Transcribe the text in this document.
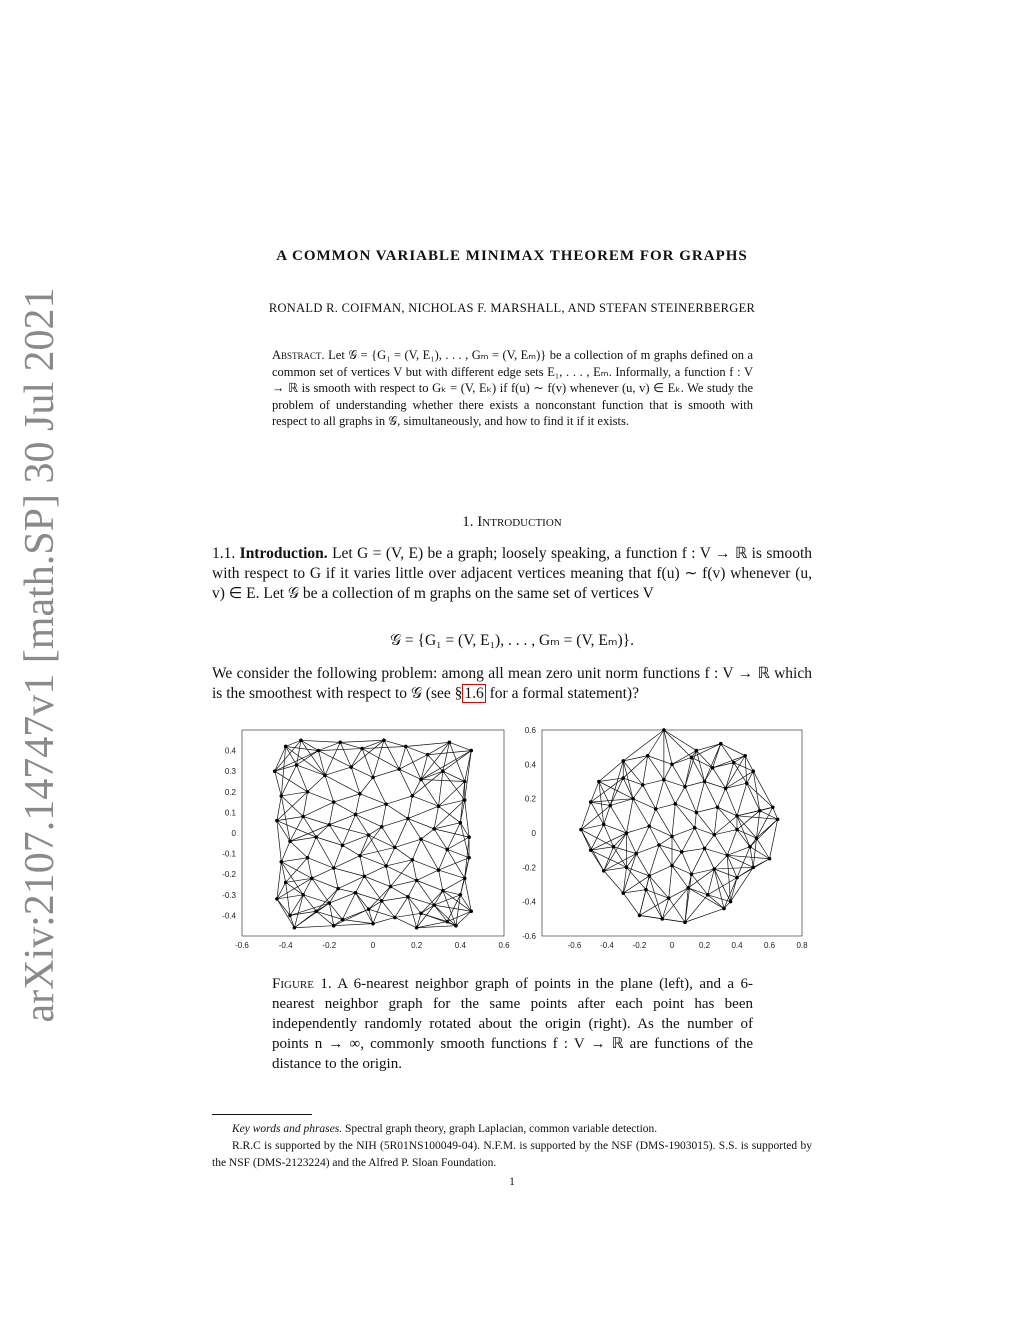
arXiv:2107.14747v1 [math.SP] 30 Jul 2021
A COMMON VARIABLE MINIMAX THEOREM FOR GRAPHS
RONALD R. COIFMAN, NICHOLAS F. MARSHALL, AND STEFAN STEINERBERGER
Abstract. Let 𝒢 = {G₁ = (V, E₁), . . . , Gₘ = (V, Eₘ)} be a collection of m graphs defined on a common set of vertices V but with different edge sets E₁, . . . , Eₘ. Informally, a function f : V → ℝ is smooth with respect to Gₖ = (V, Eₖ) if f(u) ∼ f(v) whenever (u, v) ∈ Eₖ. We study the problem of understanding whether there exists a nonconstant function that is smooth with respect to all graphs in 𝒢, simultaneously, and how to find it if it exists.
1. Introduction
1.1. Introduction. Let G = (V, E) be a graph; loosely speaking, a function f : V → ℝ is smooth with respect to G if it varies little over adjacent vertices meaning that f(u) ∼ f(v) whenever (u, v) ∈ E. Let 𝒢 be a collection of m graphs on the same set of vertices V
𝒢 = {G₁ = (V, E₁), . . . , Gₘ = (V, Eₘ)}.
We consider the following problem: among all mean zero unit norm functions f : V → ℝ which is the smoothest with respect to 𝒢 (see § 1.6 for a formal statement)?
-0.6	-0.4	-0.2	0	0.2	0.4	0.6
0.4
0.3
0.2
0.1
0
-0.1
-0.2
-0.3
-0.4
-0.6 -0.4 -0.2	0	0.2	0.4	0.6	0.8
0.6
0.4
0.2
0
-0.2
-0.4
-0.6
Figure 1. A 6-nearest neighbor graph of points in the plane (left), and a 6-nearest neighbor graph for the same points after each point has been independently randomly rotated about the origin (right). As the number of points n → ∞, commonly smooth functions f : V → ℝ are functions of the distance to the origin.
Key words and phrases. Spectral graph theory, graph Laplacian, common variable detection.
R.R.C is supported by the NIH (5R01NS100049-04). N.F.M. is supported by the NSF (DMS-1903015). S.S. is supported by the NSF (DMS-2123224) and the Alfred P. Sloan Foundation.
1
